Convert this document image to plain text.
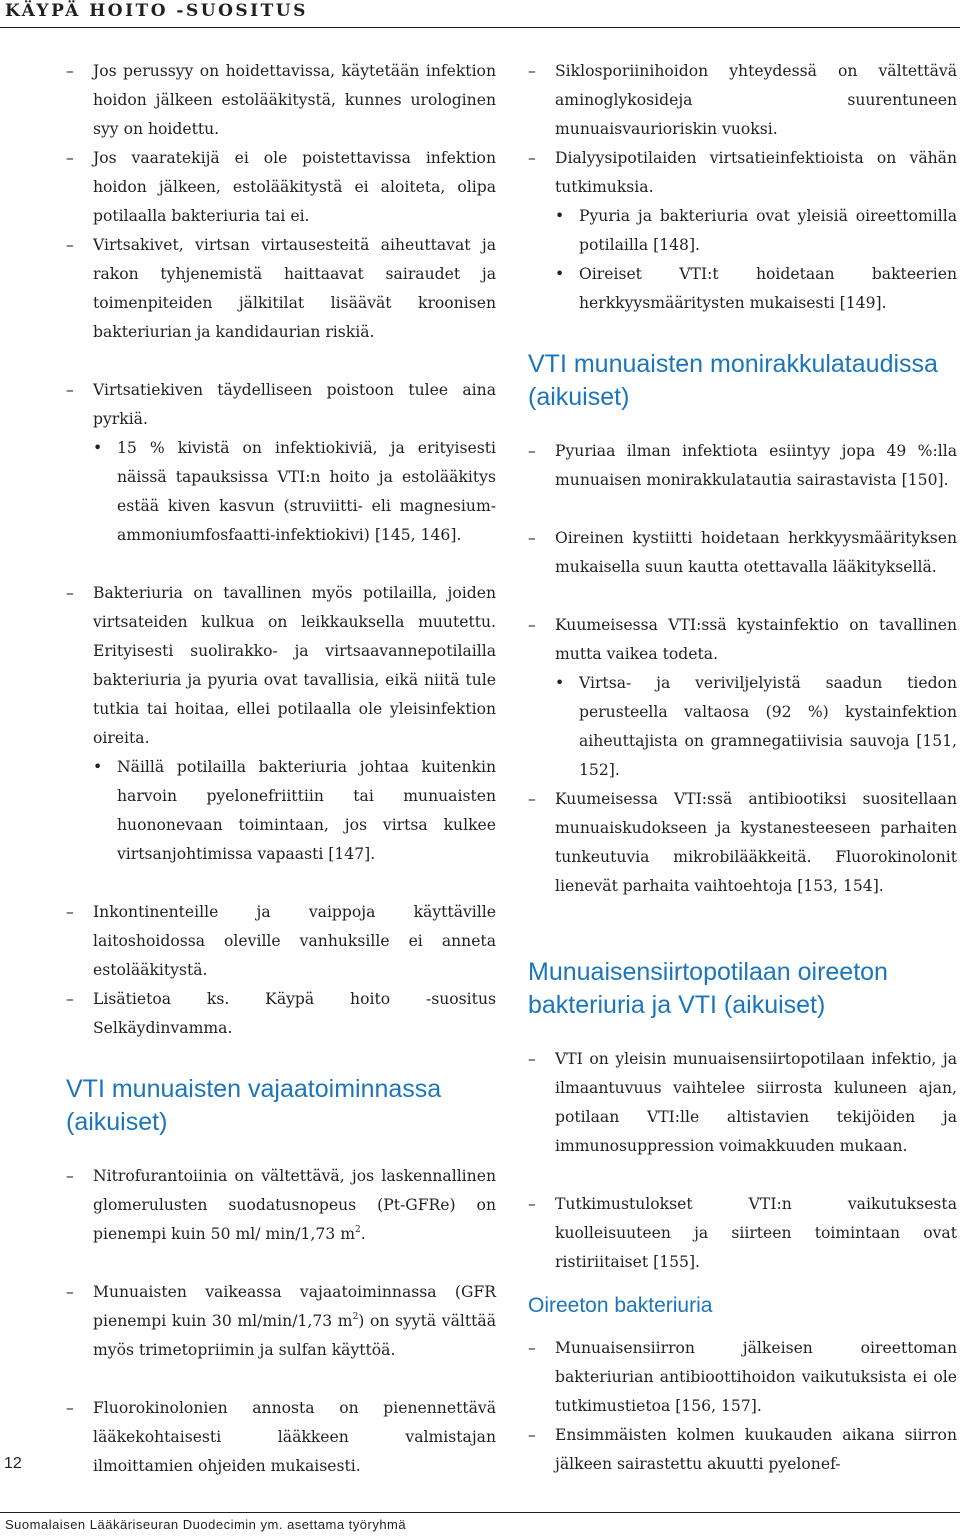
KÄYPÄ HOITO -SUOSITUS
– Jos perussyy on hoidettavissa, käytetään infektion hoidon jälkeen estolääkitystä, kunnes urologinen syy on hoidettu.
– Jos vaaratekijä ei ole poistettavissa infektion hoidon jälkeen, estolääkitystä ei aloiteta, olipa potilaalla bakteriuria tai ei.
– Virtsakivet, virtsan virtausesteitä aiheuttavat ja rakon tyhjenemistä haittaavat sairaudet ja toimenpiteiden jälkitilat lisäävät kroonisen bakteriurian ja kandidaurian riskiä.
– Virtsatiekiven täydelliseen poistoon tulee aina pyrkiä.
• 15 % kivistä on infektiokiviä, ja erityisesti näissä tapauksissa VTI:n hoito ja estolääkitys estää kiven kasvun (struviitti- eli magnesium-ammoniumfosfaatti-infektiokivi) [145, 146].
– Bakteriuria on tavallinen myös potilailla, joiden virtsateiden kulkua on leikkauksella muutettu. Erityisesti suolirakko- ja virtsaavannepotilailla bakteriuria ja pyuria ovat tavallisia, eikä niitä tule tutkia tai hoitaa, ellei potilaalla ole yleisinfektion oireita.
• Näillä potilailla bakteriuria johtaa kuitenkin harvoin pyelonefriittiin tai munuaisten huononevaan toimintaan, jos virtsa kulkee virtsanjohtimissa vapaasti [147].
– Inkontinenteille ja vaippoja käyttäville laitoshoidossa oleville vanhuksille ei anneta estolääkitystä.
– Lisätietoa ks. Käypä hoito -suositus Selkäydinvamma.
VTI munuaisten vajaatoiminnassa (aikuiset)
– Nitrofurantoiinia on vältettävä, jos laskennallinen glomerulusten suodatusnopeus (Pt-GFRe) on pienempi kuin 50 ml/ min/1,73 $m^2$.
– Munuaisten vaikeassa vajaatoiminnassa (GFR pienempi kuin 30 ml/min/1,73 $m^2$) on syytä välttää myös trimetopriimin ja sulfan käyttöä.
– Fluorokinolonien annosta on pienennettävä lääkekohtaisesti lääkkeen valmistajan ilmoittamien ohjeiden mukaisesti.
– Siklosporiinihoidon yhteydessä on vältettävä aminoglykosideja suurentuneen munuaisvaurioriskin vuoksi.
– Dialyysipotilaiden virtsatieinfektioista on vähän tutkimuksia.
• Pyuria ja bakteriuria ovat yleisiä oireettomilla potilailla [148].
• Oireiset VTI:t hoidetaan bakteerien herkkyysmääritysten mukaisesti [149].
VTI munuaisten monirakkulataudissa (aikuiset)
– Pyuriaa ilman infektiota esiintyy jopa 49 %:lla munuaisen monirakkulatautia sairastavista [150].
– Oireinen kystiitti hoidetaan herkkyysmäärityksen mukaisella suun kautta otettavalla lääkityksellä.
– Kuumeisessa VTI:ssä kystainfektio on tavallinen mutta vaikea todeta.
• Virtsa- ja veriviljelyistä saadun tiedon perusteella valtaosa (92 %) kystainfektion aiheuttajista on gramnegatiivisia sauvoja [151, 152].
– Kuumeisessa VTI:ssä antibiootiksi suositellaan munuaiskudokseen ja kystanesteeseen parhaiten tunkeutuvia mikrobilääkkeitä. Fluorokinolonit lienevät parhaita vaihtoehtoja [153, 154].
Munuaisensiirtopotilaan oireeton bakteriuria ja VTI (aikuiset)
– VTI on yleisin munuaisensiirtopotilaan infektio, ja ilmaantuvuus vaihtelee siirrosta kuluneen ajan, potilaan VTI:lle altistavien tekijöiden ja immunosuppression voimakkuuden mukaan.
– Tutkimustulokset VTI:n vaikutuksesta kuolleisuuteen ja siirteen toimintaan ovat ristiriitaiset [155].
Oireeton bakteriuria
– Munuaisensiirron jälkeisen oireettoman bakteriurian antibioottihoidon vaikutuksista ei ole tutkimustietoa [156, 157].
– Ensimmäisten kolmen kuukauden aikana siirron jälkeen sairastettu akuutti pyelonef-
12
Suomalaisen Lääkäriseuran Duodecimin ym. asettama työryhmä
